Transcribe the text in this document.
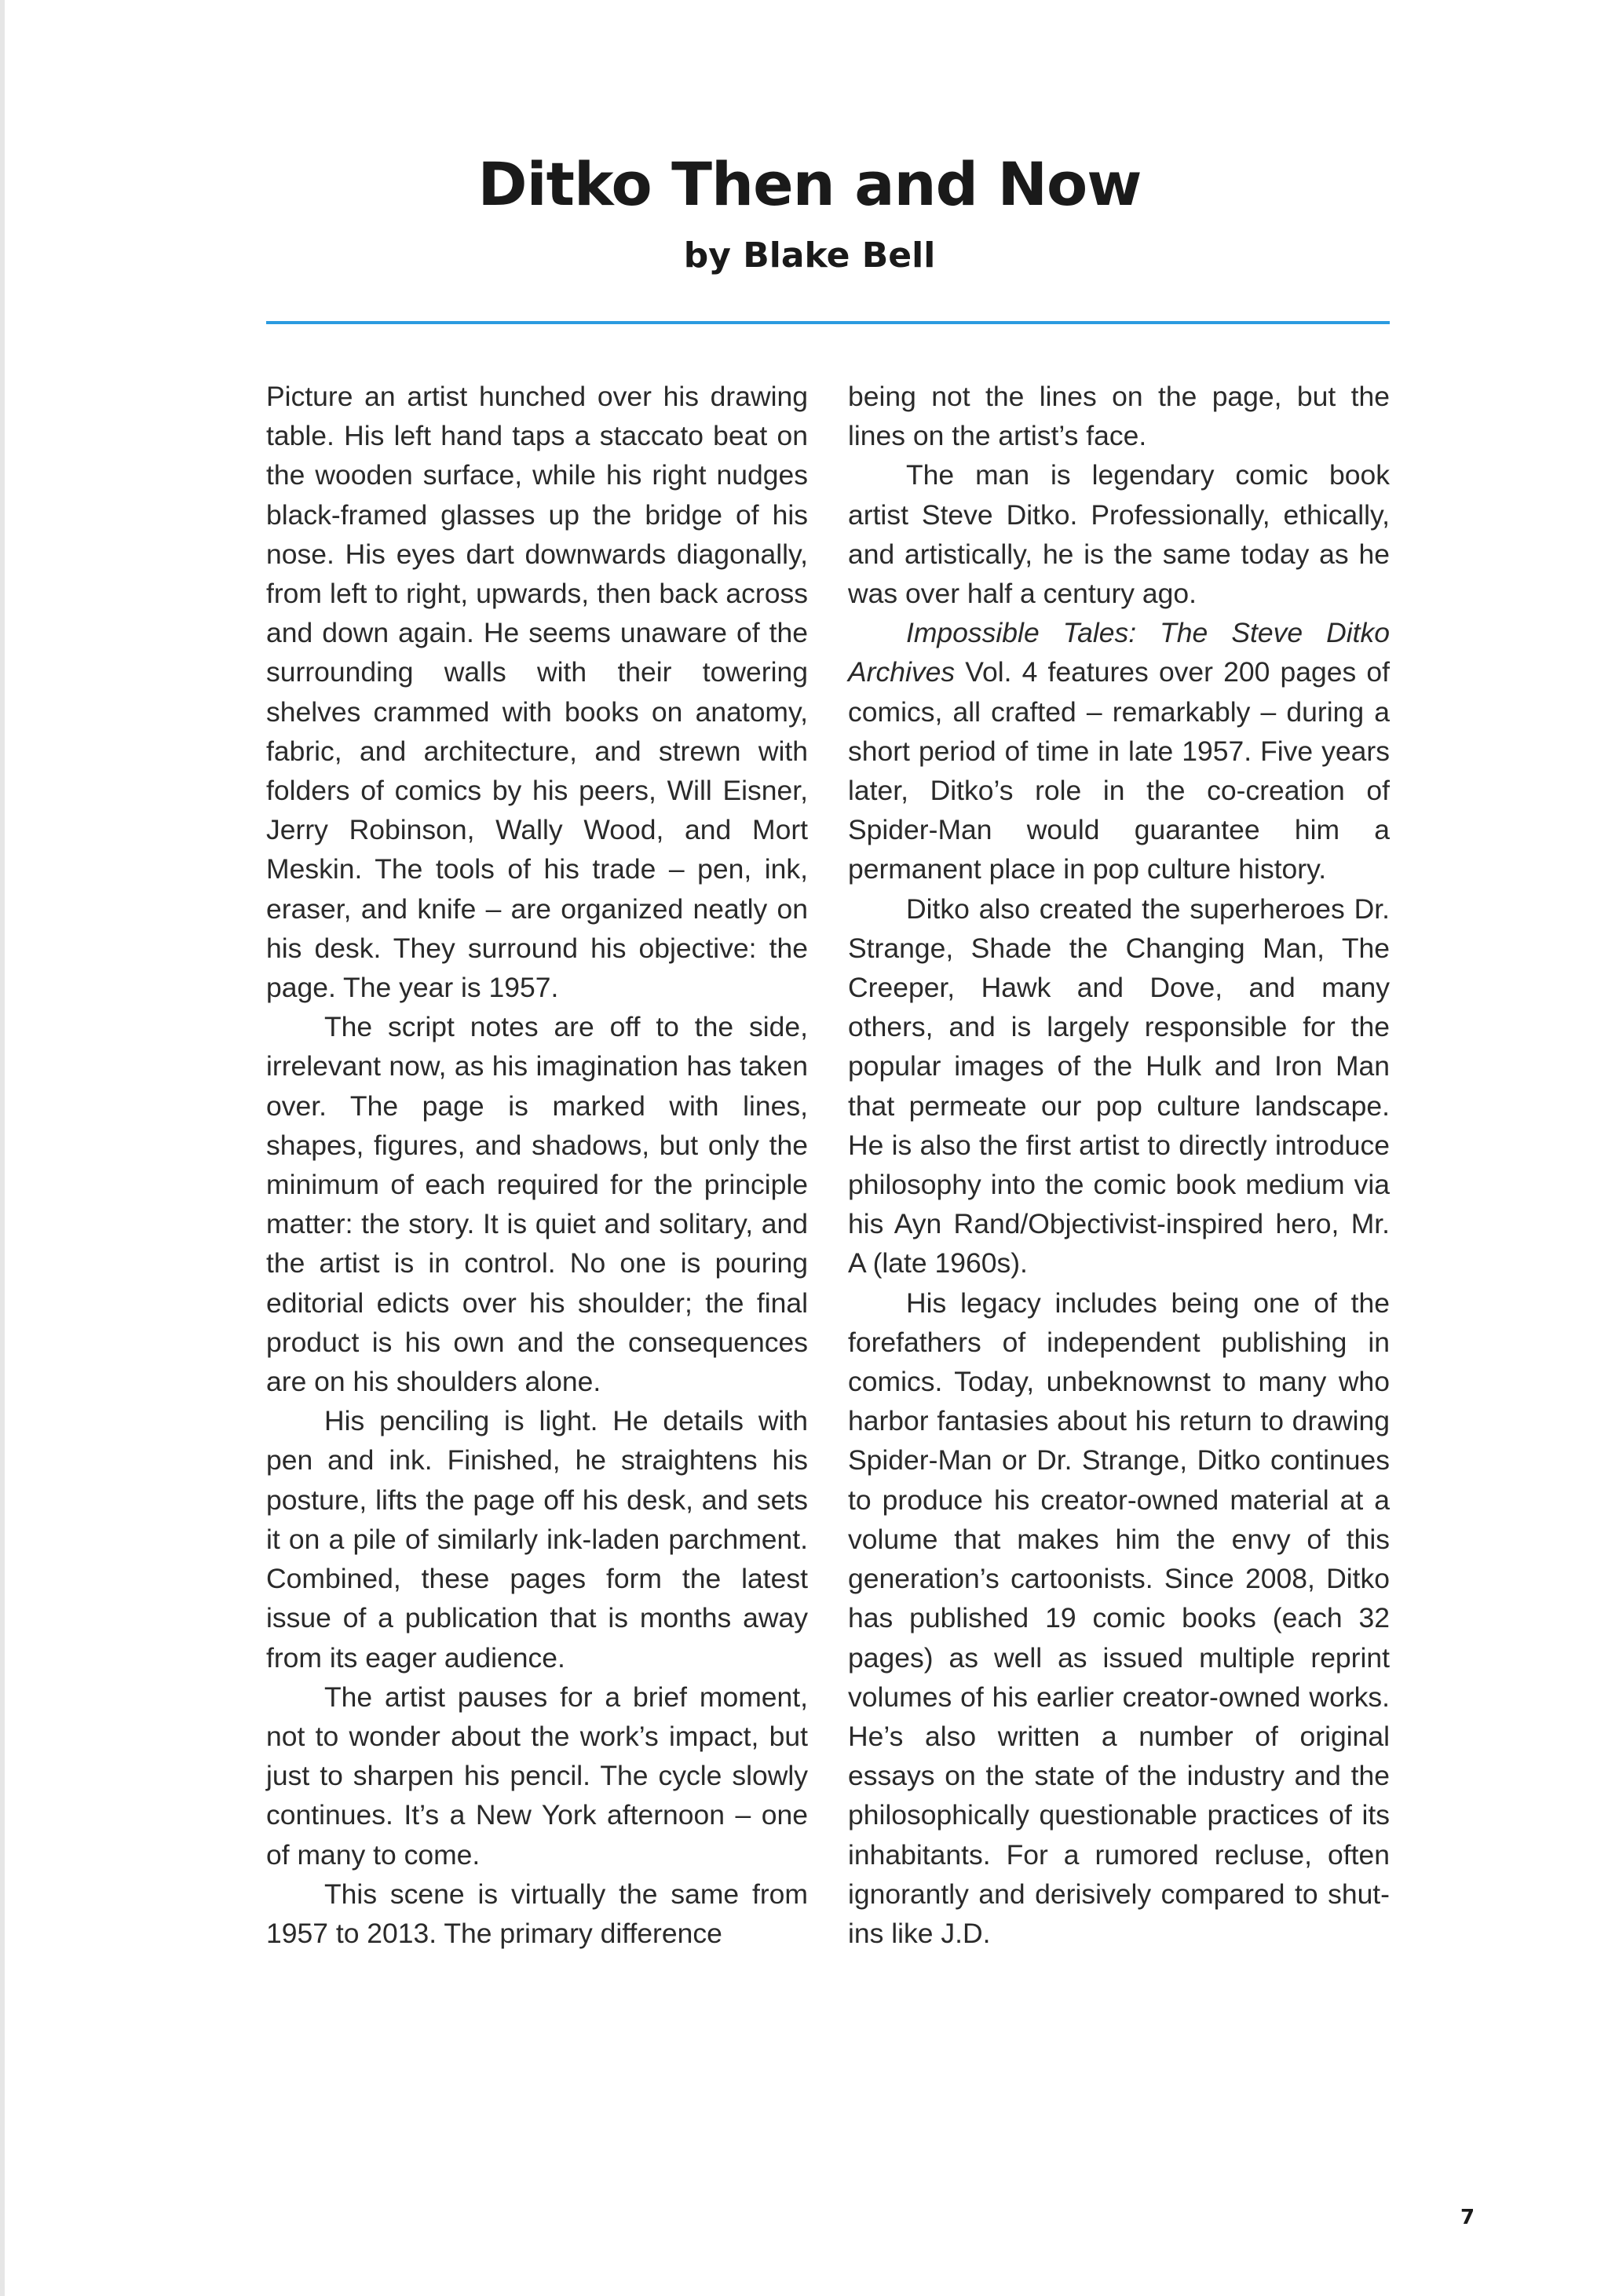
Ditko Then and Now
by Blake Bell

Picture an artist hunched over his drawing table. His left hand taps a staccato beat on the wooden surface, while his right nudges black-framed glasses up the bridge of his nose. His eyes dart downwards diagonally, from left to right, upwards, then back across and down again. He seems unaware of the surrounding walls with their towering shelves crammed with books on anatomy, fabric, and architecture, and strewn with folders of comics by his peers, Will Eisner, Jerry Robinson, Wally Wood, and Mort Meskin. The tools of his trade – pen, ink, eraser, and knife – are organized neatly on his desk. They surround his objective: the page. The year is 1957.

The script notes are off to the side, irrelevant now, as his imagination has taken over. The page is marked with lines, shapes, figures, and shadows, but only the minimum of each required for the principle matter: the story. It is quiet and solitary, and the artist is in control. No one is pouring editorial edicts over his shoulder; the final product is his own and the consequences are on his shoulders alone.

His penciling is light. He details with pen and ink. Finished, he straightens his posture, lifts the page off his desk, and sets it on a pile of similarly ink-laden parchment. Combined, these pages form the latest issue of a publication that is months away from its eager audience.

The artist pauses for a brief moment, not to wonder about the work’s impact, but just to sharpen his pencil. The cycle slowly continues. It’s a New York afternoon – one of many to come.

This scene is virtually the same from 1957 to 2013. The primary difference

being not the lines on the page, but the lines on the artist’s face.

The man is legendary comic book artist Steve Ditko. Professionally, ethically, and artistically, he is the same today as he was over half a century ago.

Impossible Tales: The Steve Ditko Archives Vol. 4 features over 200 pages of comics, all crafted – remarkably – during a short period of time in late 1957. Five years later, Ditko’s role in the co-creation of Spider-Man would guarantee him a permanent place in pop culture history.

Ditko also created the superheroes Dr. Strange, Shade the Changing Man, The Creeper, Hawk and Dove, and many others, and is largely responsible for the popular images of the Hulk and Iron Man that permeate our pop culture landscape. He is also the first artist to directly introduce philosophy into the comic book medium via his Ayn Rand/Objectivist-inspired hero, Mr. A (late 1960s).

His legacy includes being one of the forefathers of independent publishing in comics. Today, unbeknownst to many who harbor fantasies about his return to drawing Spider-Man or Dr. Strange, Ditko continues to produce his creator-owned material at a volume that makes him the envy of this generation’s cartoonists. Since 2008, Ditko has published 19 comic books (each 32 pages) as well as issued multiple reprint volumes of his earlier creator-owned works. He’s also written a number of original essays on the state of the industry and the philosophically questionable practices of its inhabitants. For a rumored recluse, often ignorantly and derisively compared to shut-ins like J.D.

7
